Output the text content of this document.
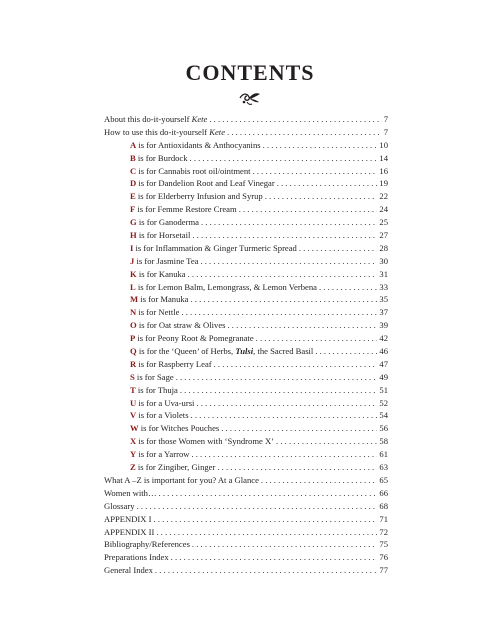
CONTENTS
About this do-it-yourself Kete . . .	7
How to use this do-it-yourself Kete . . .	7
A is for Antioxidants & Anthocyanins . . .	10
B is for Burdock . . .	14
C is for Cannabis root oil/ointment . . .	16
D is for Dandelion Root and Leaf Vinegar . . .	19
E is for Elderberry Infusion and Syrup . . .	22
F is for Femme Restore Cream . . .	24
G is for Ganoderma . . .	25
H is for Horsetail . . .	27
I is for Inflammation & Ginger Turmeric Spread . . .	28
J is for Jasmine Tea . . .	30
K is for Kanuka . . .	31
L is for Lemon Balm, Lemongrass, & Lemon Verbena . . .	33
M is for Manuka . . .	35
N is for Nettle . . .	37
O is for Oat straw & Olives . . .	39
P is for Peony Root & Pomegranate . . .	42
Q is for the ‘Queen’ of Herbs, Tulsi, the Sacred Basil . . .	46
R is for Raspberry Leaf . . .	47
S is for Sage . . .	49
T is for Thuja . . .	51
U is for a Uva-ursi . . .	52
V is for a Violets . . .	54
W is for Witches Pouches . . .	56
X is for those Women with ‘Syndrome X’ . . .	58
Y is for a Yarrow . . .	61
Z is for Zingiber, Ginger . . .	63
What A –Z is important for you? At a Glance . . .	65
Women with… . . .	66
Glossary . . .	68
APPENDIX I . . .	71
APPENDIX II . . .	72
Bibliography/References . . .	75
Preparations Index . . .	76
General Index . . .	77
